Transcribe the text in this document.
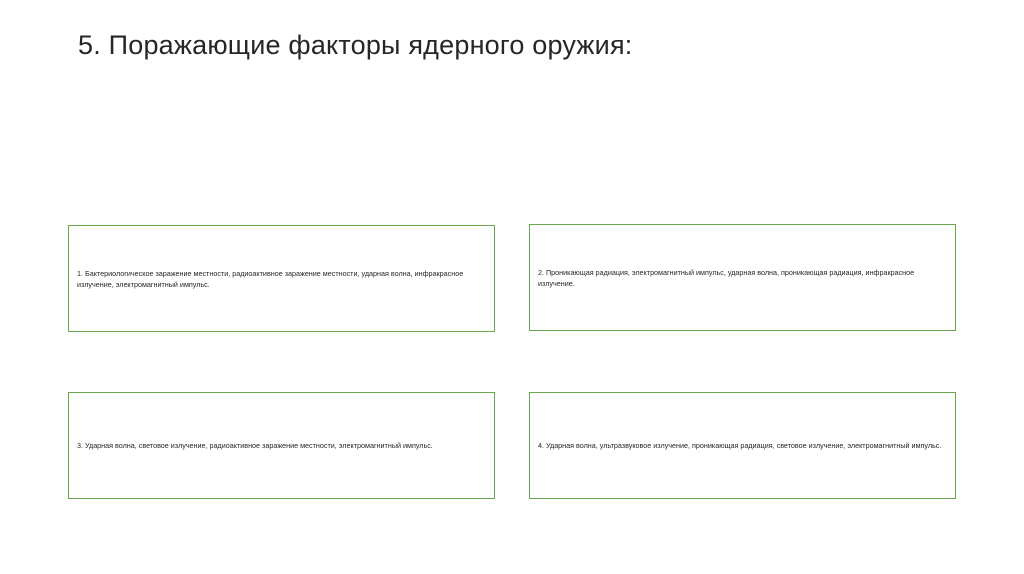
5. Поражающие факторы ядерного оружия:
1. Бактериологическое заражение местности, радиоактивное заражение местности, ударная волна, инфракрасное излучение, электромагнитный импульс.
2. Проникающая радиация, электромагнитный импульс, ударная волна, проникающая радиация, инфракрасное излучение.
3. Ударная волна, световое излучение, радиоактивное заражение местности, электромагнитный импульс.	4. Ударная волна, ультразвуковое излучение, проникающая радиация, световое излучение, электромагнитный импульс.
